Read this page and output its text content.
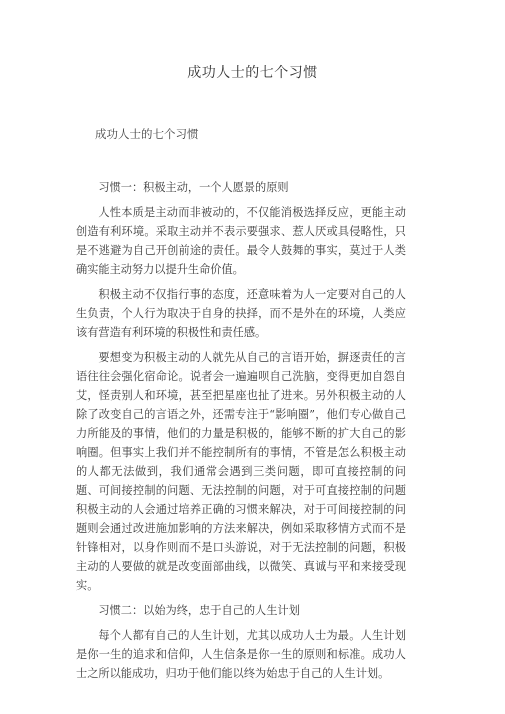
成功人士的七个习惯
成功人士的七个习惯

习惯一：积极主动，一个人愿景的原则

人性本质是主动而非被动的，不仅能消极选择反应，更能主动创造有利环境。采取主动并不表示要强求、惹人厌或具侵略性，只是不逃避为自己开创前途的责任。最令人鼓舞的事实，莫过于人类确实能主动努力以提升生命价值。

积极主动不仅指行事的态度，还意味着为人一定要对自己的人生负责，个人行为取决于自身的抉择，而不是外在的环境，人类应该有营造有利环境的积极性和责任感。

要想变为积极主动的人就先从自己的言语开始，摒逐责任的言语往往会强化宿命论。说者会一遍遍呗自己洗脑，变得更加自怨自艾，怪责别人和环境，甚至把星座也扯了进来。另外积极主动的人除了改变自己的言语之外，还需专注于“影响圈”，他们专心做自己力所能及的事情，他们的力量是积极的，能够不断的扩大自己的影响圈。但事实上我们并不能控制所有的事情，不管是怎么积极主动的人都无法做到，我们通常会遇到三类问题，即可直接控制的问题、可间接控制的问题、无法控制的问题，对于可直接控制的问题积极主动的人会通过培养正确的习惯来解决，对于可间接控制的问题则会通过改进施加影响的方法来解决，例如采取移情方式而不是针锋相对，以身作则而不是口头游说，对于无法控制的问题，积极主动的人要做的就是改变面部曲线，以微笑、真诚与平和来接受现实。

习惯二：以始为终，忠于自己的人生计划

每个人都有自己的人生计划，尤其以成功人士为最。人生计划是你一生的追求和信仰，人生信条是你一生的原则和标准。成功人士之所以能成功，归功于他们能以终为始忠于自己的人生计划。
